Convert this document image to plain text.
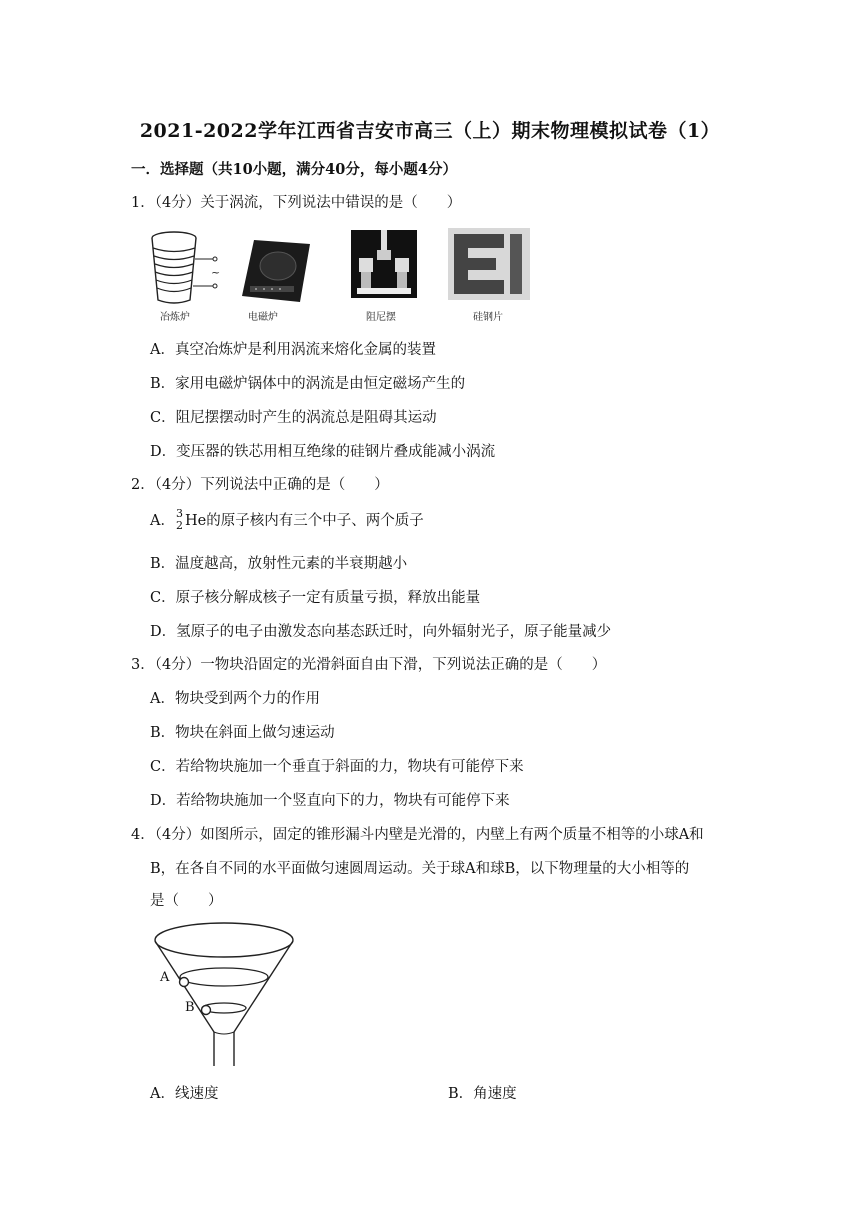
2021-2022学年江西省吉安市高三（上）期末物理模拟试卷（1）
一．选择题（共10小题，满分40分，每小题4分）
1．（4分）关于涡流，下列说法中错误的是（　　）
~
冶炼炉	电磁炉	阻尼摆	硅钢片
A．真空冶炼炉是利用涡流来熔化金属的装置
B．家用电磁炉锅体中的涡流是由恒定磁场产生的
C．阻尼摆摆动时产生的涡流总是阻碍其运动
D．变压器的铁芯用相互绝缘的硅钢片叠成能减小涡流
2．（4分）下列说法中正确的是（　　）
A． 3
2 He的原子核内有三个中子、两个质子
B．温度越高，放射性元素的半衰期越小
C．原子核分解成核子一定有质量亏损，释放出能量
D．氢原子的电子由激发态向基态跃迁时，向外辐射光子，原子能量减少
3．（4分）一物块沿固定的光滑斜面自由下滑，下列说法正确的是（　　）
A．物块受到两个力的作用
B．物块在斜面上做匀速运动
C．若给物块施加一个垂直于斜面的力，物块有可能停下来
D．若给物块施加一个竖直向下的力，物块有可能停下来
4．（4分）如图所示，固定的锥形漏斗内壁是光滑的，内壁上有两个质量不相等的小球A和
B，在各自不同的水平面做匀速圆周运动。关于球A和球B，以下物理量的大小相等的
是（　　）
A
B
A．线速度	B．角速度
